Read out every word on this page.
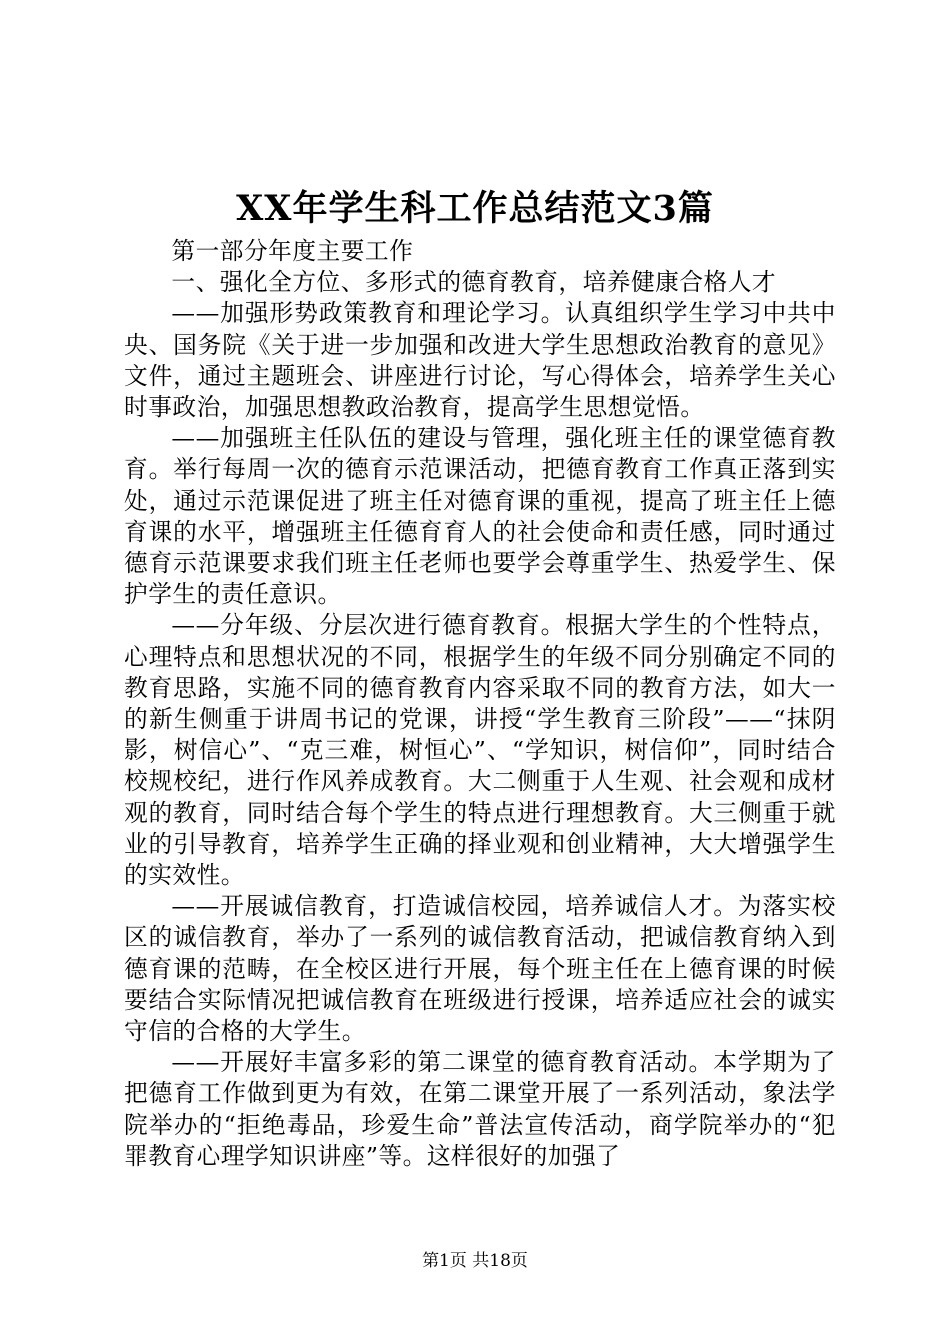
XX年学生科工作总结范文3篇

第一部分年度主要工作

一、强化全方位、多形式的德育教育，培养健康合格人才

——加强形势政策教育和理论学习。认真组织学生学习中共中央、国务院《关于进一步加强和改进大学生思想政治教育的意见》文件，通过主题班会、讲座进行讨论，写心得体会，培养学生关心时事政治，加强思想教政治教育，提高学生思想觉悟。

——加强班主任队伍的建设与管理，强化班主任的课堂德育教育。举行每周一次的德育示范课活动，把德育教育工作真正落到实处，通过示范课促进了班主任对德育课的重视，提高了班主任上德育课的水平，增强班主任德育育人的社会使命和责任感，同时通过德育示范课要求我们班主任老师也要学会尊重学生、热爱学生、保护学生的责任意识。

——分年级、分层次进行德育教育。根据大学生的个性特点，心理特点和思想状况的不同，根据学生的年级不同分别确定不同的教育思路，实施不同的德育教育内容采取不同的教育方法，如大一的新生侧重于讲周书记的党课，讲授“学生教育三阶段”——“抹阴影，树信心”、“克三难，树恒心”、“学知识，树信仰”，同时结合校规校纪，进行作风养成教育。大二侧重于人生观、社会观和成材观的教育，同时结合每个学生的特点进行理想教育。大三侧重于就业的引导教育，培养学生正确的择业观和创业精神，大大增强学生的实效性。

——开展诚信教育，打造诚信校园，培养诚信人才。为落实校区的诚信教育，举办了一系列的诚信教育活动，把诚信教育纳入到德育课的范畴，在全校区进行开展，每个班主任在上德育课的时候要结合实际情况把诚信教育在班级进行授课，培养适应社会的诚实守信的合格的大学生。

——开展好丰富多彩的第二课堂的德育教育活动。本学期为了把德育工作做到更为有效，在第二课堂开展了一系列活动，象法学院举办的“拒绝毒品，珍爱生命”普法宣传活动，商学院举办的“犯罪教育心理学知识讲座”等。这样很好的加强了

第1页 共18页
